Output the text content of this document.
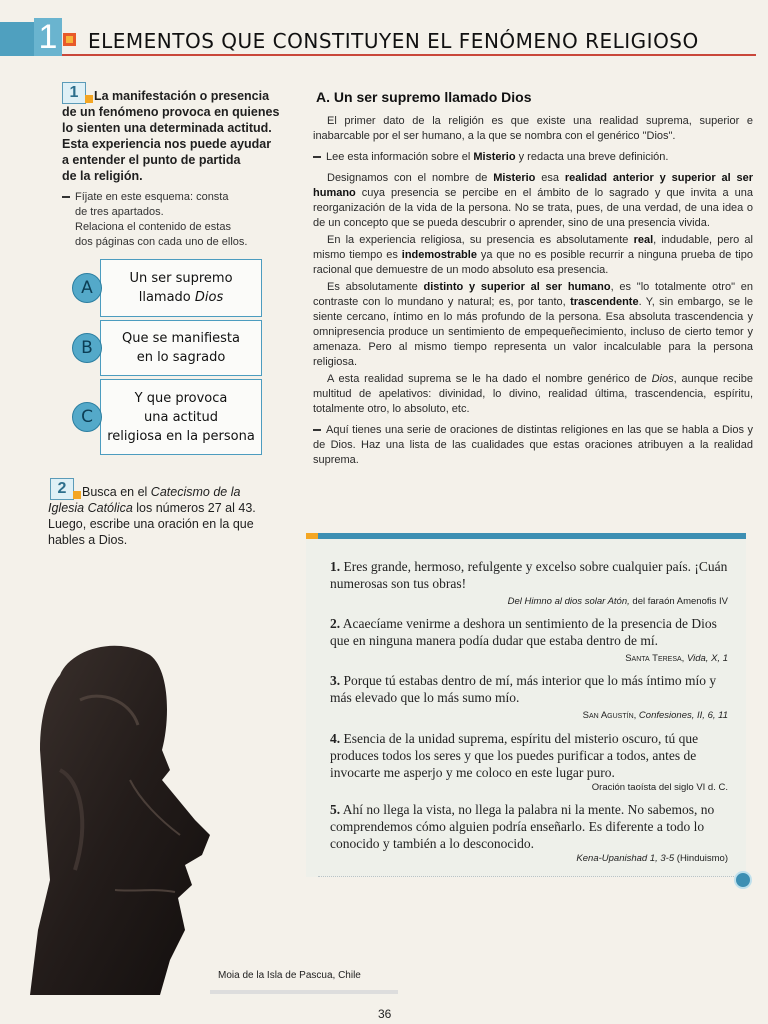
1 ELEMENTOS QUE CONSTITUYEN EL FENÓMENO RELIGIOSO
1	La manifestación o presencia
de un fenómeno provoca en quienes
lo sienten una determinada actitud.
Esta experiencia nos puede ayudar
a entender el punto de partida
de la religión.
Fíjate en este esquema: consta
de tres apartados.
Relaciona el contenido de estas
dos páginas con cada uno de ellos.
Un ser supremo
llamado Dios
A
Que se manifiesta
en lo sagrado
B
Y que provoca
una actitud
religiosa en la persona
C
2	Busca en el Catecismo de la
Iglesia Católica los números 27 al 43.
Luego, escribe una oración en la que
hables a Dios.
A. Un ser supremo llamado Dios

El primer dato de la religión es que existe una realidad suprema, superior e inabarcable por el ser humano, a la que se nombra con el genérico "Dios".

Lee esta información sobre el Misterio y redacta una breve definición.

Designamos con el nombre de Misterio esa realidad anterior y superior al ser humano cuya presencia se percibe en el ámbito de lo sagrado y que invita a una reorganización de la vida de la persona. No se trata, pues, de una verdad, de una idea o de un concepto que se pueda descubrir o aprender, sino de una presencia vivida.

En la experiencia religiosa, su presencia es absolutamente real, indudable, pero al mismo tiempo es indemostrable ya que no es posible recurrir a ninguna prueba de tipo racional que demuestre de un modo absoluto esa presencia.

Es absolutamente distinto y superior al ser humano, es "lo totalmente otro" en contraste con lo mundano y natural; es, por tanto, trascendente. Y, sin embargo, se le siente cercano, íntimo en lo más profundo de la persona. Esa absoluta trascendencia y omnipresencia produce un sentimiento de empequeñecimiento, incluso de cierto temor y amenaza. Pero al mismo tiempo representa un valor incalculable para la persona religiosa.

A esta realidad suprema se le ha dado el nombre genérico de Dios, aunque recibe multitud de apelativos: divinidad, lo divino, realidad última, trascendencia, espíritu, totalmente otro, lo absoluto, etc.

Aquí tienes una serie de oraciones de distintas religiones en las que se habla a Dios y de Dios. Haz una lista de las cualidades que estas oraciones atribuyen a la realidad suprema.

1. Eres grande, hermoso, refulgente y excelso sobre cualquier país. ¡Cuán numerosas son tus obras!
Del Himno al dios solar Atón, del faraón Amenofis IV
2. Acaecíame venirme a deshora un sentimiento de la presencia de Dios que en ninguna manera podía dudar que estaba dentro de mí.
Santa Teresa, Vida, X, 1
3. Porque tú estabas dentro de mí, más interior que lo más íntimo mío y más elevado que lo más sumo mío.
San Agustín, Confesiones, II, 6, 11
4. Esencia de la unidad suprema, espíritu del misterio oscuro, tú que produces todos los seres y que los puedes purificar a todos, antes de invocarte me asperjo y me coloco en este lugar puro.
Oración taoísta del siglo VI d. C.
5. Ahí no llega la vista, no llega la palabra ni la mente. No sabemos, no comprendemos cómo alguien podría enseñarlo. Es diferente a todo lo conocido y también a lo desconocido.
Kena-Upanishad 1, 3-5 (Hinduismo)
Moia de la Isla de Pascua, Chile
36
